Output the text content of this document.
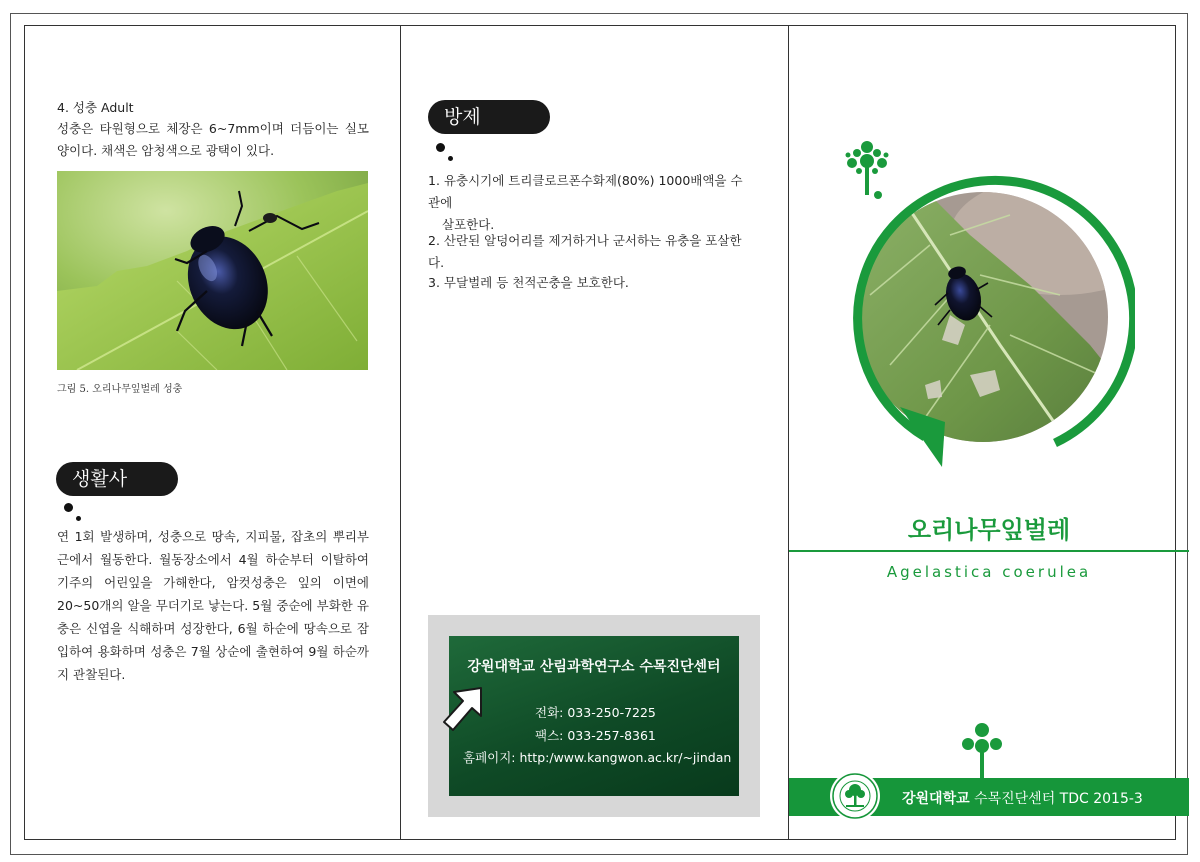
4. 성충 Adult
성충은 타원형으로 체장은 6~7mm이며 더듬이는 실모양이다. 채색은 암청색으로 광택이 있다.
그림 5. 오리나무잎벌레 성충
생활사
연 1회 발생하며, 성충으로 땅속, 지피물, 잡초의 뿌리부근에서 월동한다. 월동장소에서 4월 하순부터 이탈하여 기주의 어린잎을 가해한다, 암컷성충은 잎의 이면에 20~50개의 알을 무더기로 낳는다. 5월 중순에 부화한 유충은 신엽을 식해하며 성장한다, 6월 하순에 땅속으로 잠입하여 용화하며 성충은 7월 상순에 출현하여 9월 하순까지 관찰된다.
방제
1. 유충시기에 트리클로르폰수화제(80%) 1000배액을 수관에
살포한다.
2. 산란된 알덩어리를 제거하거나 군서하는 유충을 포살한다.
3. 무달벌레 등 천적곤충을 보호한다.
강원대학교 산림과학연구소 수목진단센터
전화: 033-250-7225
팩스: 033-257-8361
홈페이지: http:/www.kangwon.ac.kr/~jindan
오리나무잎벌레
Agelastica coerulea
강원대학교 수목진단센터 TDC 2015-3
